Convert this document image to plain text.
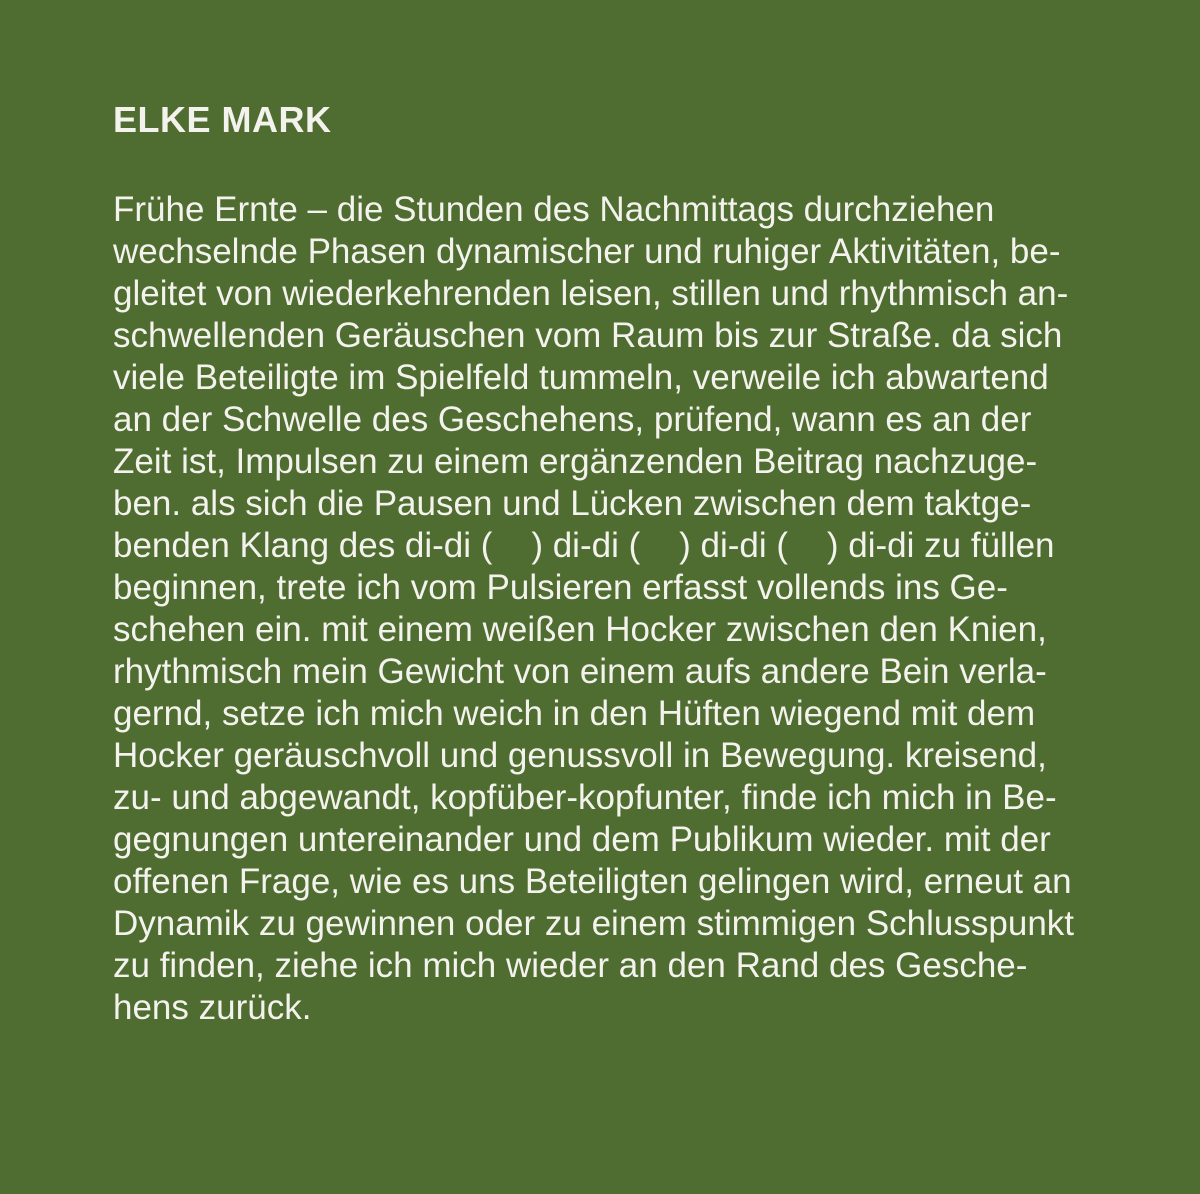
ELKE MARK
Frühe Ernte – die Stunden des Nachmittags durchziehen
wechselnde Phasen dynamischer und ruhiger Aktivitäten, be-
gleitet von wiederkehrenden leisen, stillen und rhythmisch an-
schwellenden Geräuschen vom Raum bis zur Straße. da sich
viele Beteiligte im Spielfeld tummeln, verweile ich abwartend
an der Schwelle des Geschehens, prüfend, wann es an der
Zeit ist, Impulsen zu einem ergänzenden Beitrag nachzuge-
ben. als sich die Pausen und Lücken zwischen dem taktge-
benden Klang des di-di (    ) di-di (    ) di-di (    ) di-di zu füllen
beginnen, trete ich vom Pulsieren erfasst vollends ins Ge-
schehen ein. mit einem weißen Hocker zwischen den Knien,
rhythmisch mein Gewicht von einem aufs andere Bein verla-
gernd, setze ich mich weich in den Hüften wiegend mit dem
Hocker geräuschvoll und genussvoll in Bewegung. kreisend,
zu- und abgewandt, kopfüber-kopfunter, finde ich mich in Be-
gegnungen untereinander und dem Publikum wieder. mit der
offenen Frage, wie es uns Beteiligten gelingen wird, erneut an
Dynamik zu gewinnen oder zu einem stimmigen Schlusspunkt
zu finden, ziehe ich mich wieder an den Rand des Gesche-
hens zurück.
